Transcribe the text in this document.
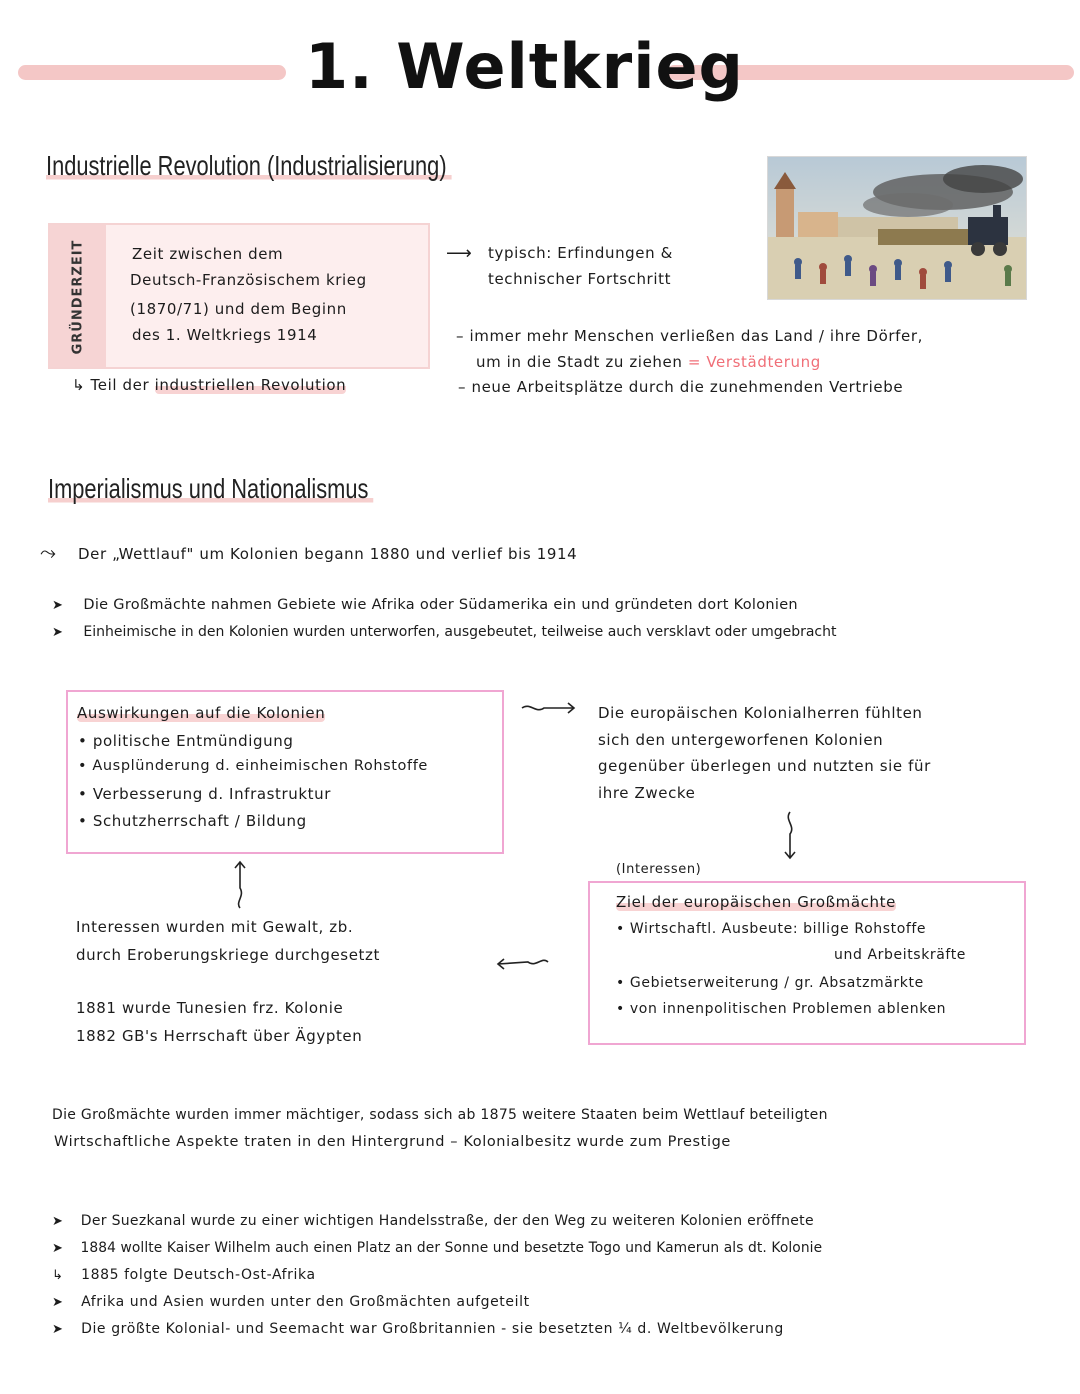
1. Weltkrieg
Industrielle Revolution (Industrialisierung)
GRÜNDERZEIT	Zeit zwischen dem
Deutsch-Französischem krieg
(1870/71) und dem Beginn
des 1. Weltkriegs 1914
↳ Teil der industriellen Revolution
⟶ typisch: Erfindungen &
technischer Fortschritt
– immer mehr Menschen verließen das Land / ihre Dörfer,
um in die Stadt zu ziehen = Verstädterung
– neue Arbeitsplätze durch die zunehmenden Vertriebe
Imperialismus und Nationalismus
⤳ Der „Wettlauf" um Kolonien begann 1880 und verlief bis 1914
➤ Die Großmächte nahmen Gebiete wie Afrika oder Südamerika ein und gründeten dort Kolonien
➤ Einheimische in den Kolonien wurden unterworfen, ausgebeutet, teilweise auch versklavt oder umgebracht
Auswirkungen auf die Kolonien
• politische Entmündigung
• Ausplünderung d. einheimischen Rohstoffe
• Verbesserung d. Infrastruktur
• Schutzherrschaft / Bildung
Die europäischen Kolonialherren fühlten
sich den untergeworfenen Kolonien
gegenüber überlegen und nutzten sie für
ihre Zwecke
(Interessen)
Ziel der europäischen Großmächte
• Wirtschaftl. Ausbeute: billige Rohstoffe
und Arbeitskräfte
• Gebietserweiterung / gr. Absatzmärkte
• von innenpolitischen Problemen ablenken
Interessen wurden mit Gewalt, zb.
durch Eroberungskriege durchgesetzt
1881 wurde Tunesien frz. Kolonie
1882 GB's Herrschaft über Ägypten
Die Großmächte wurden immer mächtiger, sodass sich ab 1875 weitere Staaten beim Wettlauf beteiligten
Wirtschaftliche Aspekte traten in den Hintergrund – Kolonialbesitz wurde zum Prestige
➤ Der Suezkanal wurde zu einer wichtigen Handelsstraße, der den Weg zu weiteren Kolonien eröffnete
➤ 1884 wollte Kaiser Wilhelm auch einen Platz an der Sonne und besetzte Togo und Kamerun als dt. Kolonie
↳ 1885 folgte Deutsch-Ost-Afrika
➤ Afrika und Asien wurden unter den Großmächten aufgeteilt
➤ Die größte Kolonial- und Seemacht war Großbritannien - sie besetzten ¼ d. Weltbevölkerung
